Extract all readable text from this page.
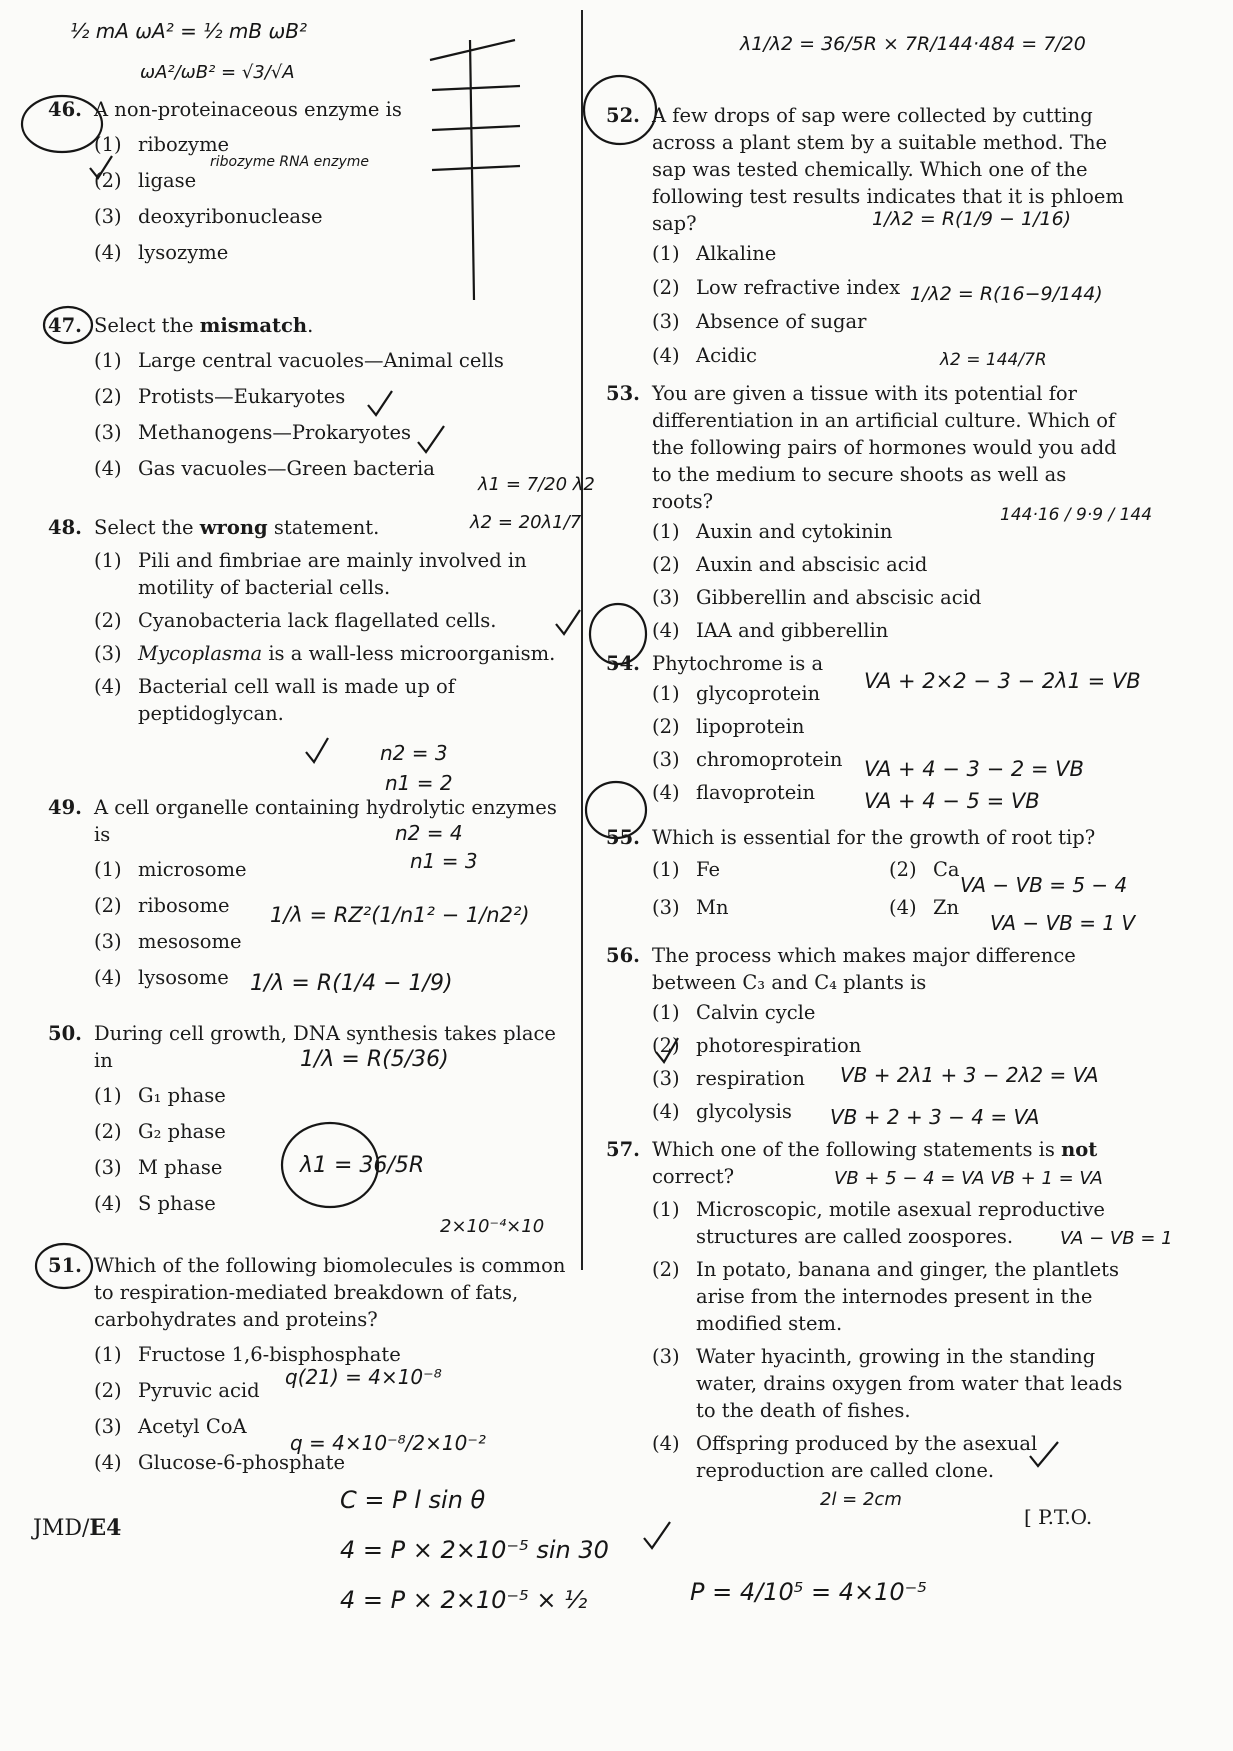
46. A non-proteinaceous enzyme is
(1) ribozyme
(2) ligase
(3) deoxyribonuclease
(4) lysozyme
47. Select the mismatch.
(1) Large central vacuoles—Animal cells
(2) Protists—Eukaryotes
(3) Methanogens—Prokaryotes
(4) Gas vacuoles—Green bacteria
48. Select the wrong statement.
(1) Pili and fimbriae are mainly involved in motility of bacterial cells.
(2) Cyanobacteria lack flagellated cells.
(3) Mycoplasma is a wall-less microorganism.
(4) Bacterial cell wall is made up of peptidoglycan.
49. A cell organelle containing hydrolytic enzymes is
(1) microsome
(2) ribosome
(3) mesosome
(4) lysosome
50. During cell growth, DNA synthesis takes place in
(1) G₁ phase
(2) G₂ phase
(3) M phase
(4) S phase
51. Which of the following biomolecules is common to respiration-mediated breakdown of fats, carbohydrates and proteins?
(1) Fructose 1,6-bisphosphate
(2) Pyruvic acid
(3) Acetyl CoA
(4) Glucose-6-phosphate
52. A few drops of sap were collected by cutting across a plant stem by a suitable method. The sap was tested chemically. Which one of the following test results indicates that it is phloem sap?
(1) Alkaline
(2) Low refractive index
(3) Absence of sugar
(4) Acidic
53. You are given a tissue with its potential for differentiation in an artificial culture. Which of the following pairs of hormones would you add to the medium to secure shoots as well as roots?
(1) Auxin and cytokinin
(2) Auxin and abscisic acid
(3) Gibberellin and abscisic acid
(4) IAA and gibberellin
54. Phytochrome is a
(1) glycoprotein
(2) lipoprotein
(3) chromoprotein
(4) flavoprotein
55. Which is essential for the growth of root tip?
(1) Fe	(2) Ca
(3) Mn	(4) Zn
56. The process which makes major difference between C₃ and C₄ plants is
(1) Calvin cycle
(2) photorespiration
(3) respiration
(4) glycolysis
57. Which one of the following statements is not correct?
(1) Microscopic, motile asexual reproductive structures are called zoospores.
(2) In potato, banana and ginger, the plantlets arise from the internodes present in the modified stem.
(3) Water hyacinth, growing in the standing water, drains oxygen from water that leads to the death of fishes.
(4) Offspring produced by the asexual reproduction are called clone.
JMD/E4	[ P.T.O.
½ mA ωA² = ½ mB ωB²
ωA²/ωB² = √3/√A
λ1/λ2 = 36/5R × 7R/144·484 = 7/20
ribozyme RNA enzyme
λ1 = 7/20 λ2
λ2 = 20λ1/7
n2 = 3
n1 = 2
n2 = 4
n1 = 3
1/λ = RZ²(1/n1² − 1/n2²)
1/λ = R(1/4 − 1/9)
1/λ = R(5/36)
λ1 = 36/5R
2×10⁻⁴×10
q(21) = 4×10⁻⁸
q = 4×10⁻⁸/2×10⁻²
1/λ2 = R(1/9 − 1/16)
1/λ2 = R(16−9/144)
λ2 = 144/7R
144·16 / 9·9 / 144
VA + 2×2 − 3 − 2λ1 = VB
VA + 4 − 3 − 2 = VB
VA + 4 − 5 = VB
VA − VB = 5 − 4
VA − VB = 1 V
VB + 2λ1 + 3 − 2λ2 = VA
VB + 2 + 3 − 4 = VA
VB + 5 − 4 = VA VB + 1 = VA
VA − VB = 1
C = P l sin θ
4 = P × 2×10⁻⁵ sin 30
4 = P × 2×10⁻⁵ × ½	P = 4/10⁵ = 4×10⁻⁵
2l = 2cm
